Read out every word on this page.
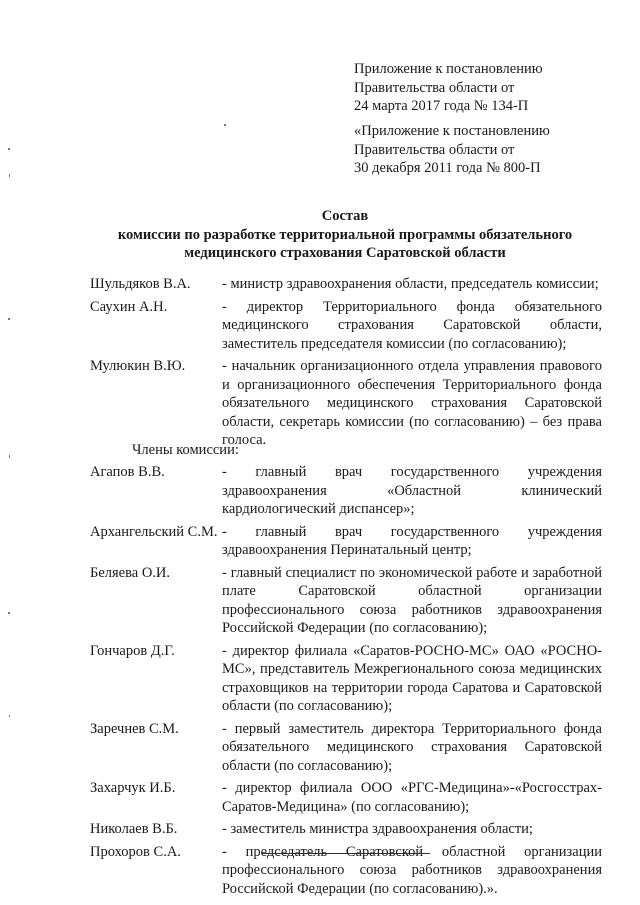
Приложение к постановлению
Правительства области от
24 марта 2017 года № 134-П
«Приложение к постановлению
Правительства области от
30 декабря 2011 года № 800-П
Состав
комиссии по разработке территориальной программы обязательного
медицинского страхования Саратовской области
Шульдяков В.А. - министр здравоохранения области, председатель комиссии;
Саухин А.Н.	- директор Территориального фонда обязательного медицинского страхования Саратовской области, заместитель председателя комиссии (по согласованию);
Мулюкин В.Ю.	- начальник организационного отдела управления правового и организационного обеспечения Территориального фонда обязательного медицинского страхования Саратовской области, секретарь комиссии (по согласованию) – без права голоса.
Члены комиссии:
Агапов В.В.	- главный врач государственного учреждения здравоохранения «Областной клинический кардиологический диспансер»;
Архангельский С.М. - главный врач государственного учреждения здравоохранения Перинатальный центр;
Беляева О.И.	- главный специалист по экономической работе и заработной плате Саратовской областной организации профессионального союза работников здравоохранения Российской Федерации (по согласованию);
Гончаров Д.Г.	- директор филиала «Саратов-РОСНО-МС» ОАО «РОСНО-МС», представитель Межрегионального союза медицинских страховщиков на территории города Саратова и Саратовской области (по согласованию);
Заречнев С.М.	- первый заместитель директора Территориального фонда обязательного медицинского страхования Саратовской области (по согласованию);
Захарчук И.Б.	- директор филиала ООО «РГС-Медицина»-«Росгосстрах-Саратов-Медицина» (по согласованию);
Николаев В.Б.	- заместитель министра здравоохранения области;
Прохоров С.А.	- председатель Саратовской областной организации профессионального союза работников здравоохранения Российской Федерации (по согласованию).».
